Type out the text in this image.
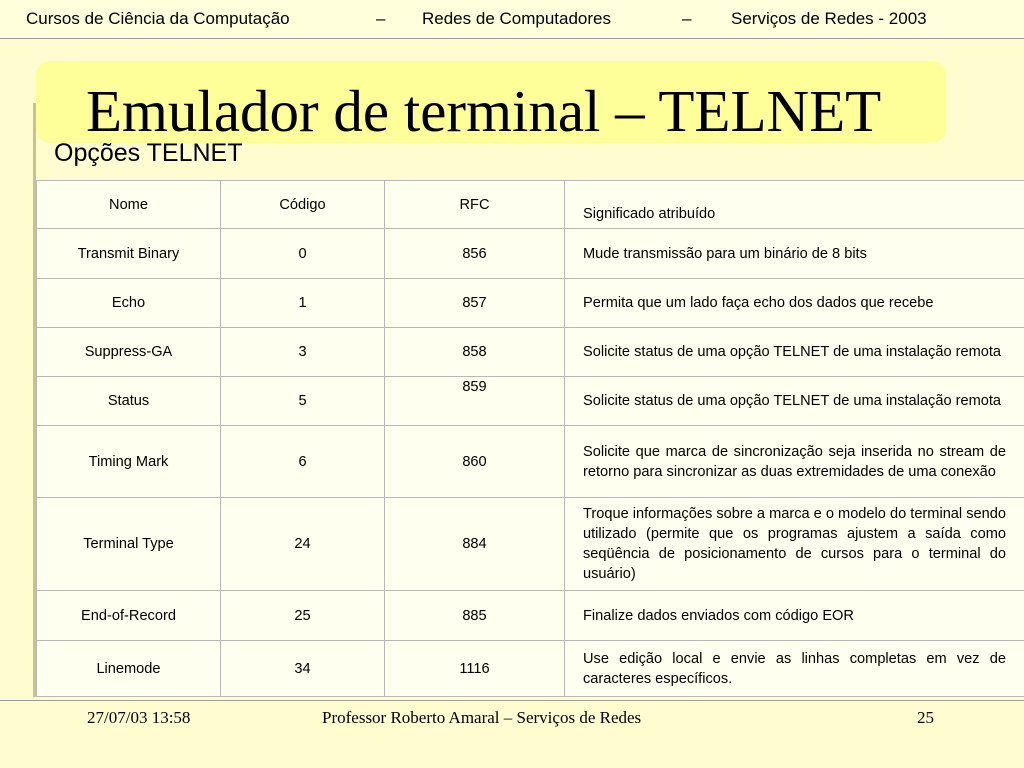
Cursos de Ciência da Computação	– Redes de Computadores	– Serviços de Redes - 2003
Emulador de terminal – TELNET
Opções TELNET
Nome	Código	RFC	Significado atribuído
Transmit Binary	0	856	Mude transmissão para um binário de 8 bits
Echo	1	857	Permita que um lado faça echo dos dados que recebe
Suppress-GA	3	858	Solicite status de uma opção TELNET de uma instalação remota
Status	5	859	Solicite status de uma opção TELNET de uma instalação remota
Timing Mark	6	860	Solicite que marca de sincronização seja inserida no stream de retorno para sincronizar as duas extremidades de uma conexão
Terminal Type	24	884	Troque informações sobre a marca e o modelo do terminal sendo utilizado (permite que os programas ajustem a saída como seqüência de posicionamento de cursos para o terminal do usuário)
End-of-Record	25	885	Finalize dados enviados com código EOR
Linemode	34	1116	Use edição local e envie as linhas completas em vez de caracteres específicos.
27/07/03 13:58	Professor Roberto Amaral – Serviços de Redes	25
